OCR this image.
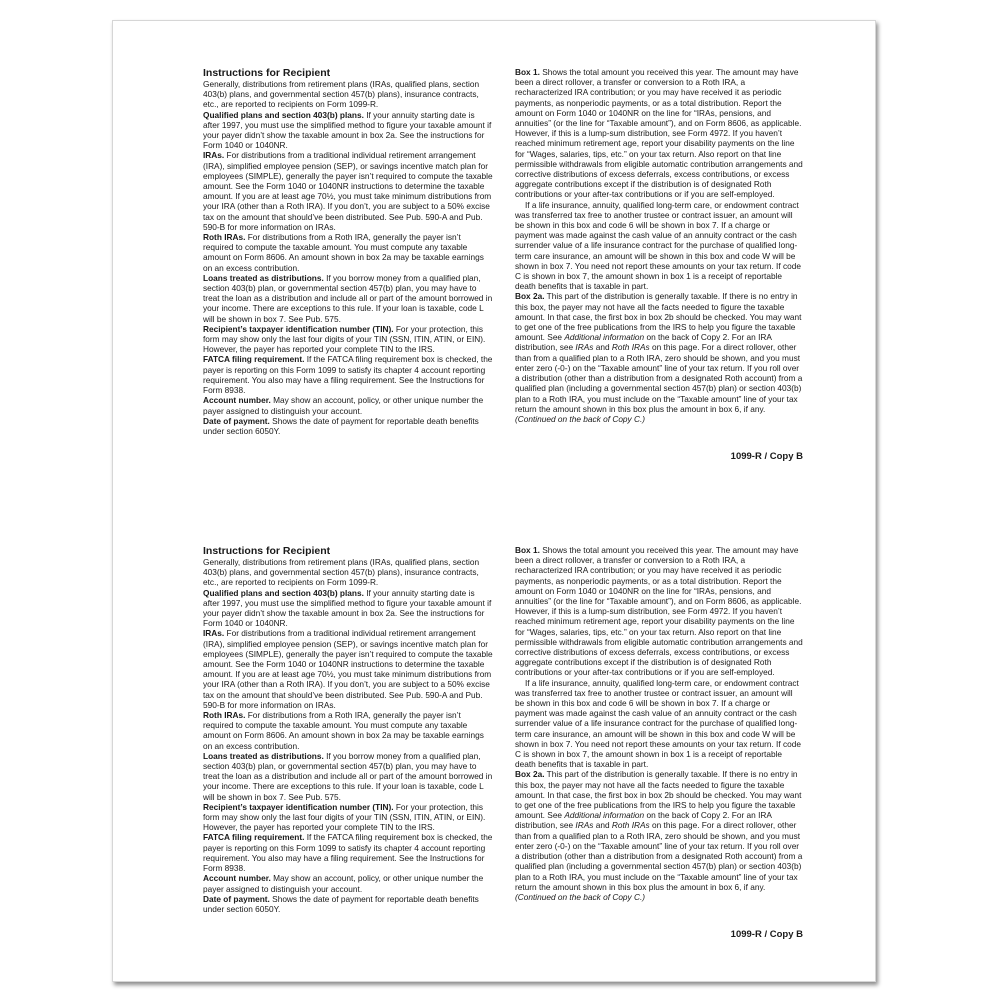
Instructions for Recipient

Generally, distributions from retirement plans (IRAs, qualified plans, section 403(b) plans, and governmental section 457(b) plans), insurance contracts, etc., are reported to recipients on Form 1099-R.

Qualified plans and section 403(b) plans. If your annuity starting date is after 1997, you must use the simplified method to figure your taxable amount if your payer didn’t show the taxable amount in box 2a. See the instructions for Form 1040 or 1040NR.

IRAs. For distributions from a traditional individual retirement arrangement (IRA), simplified employee pension (SEP), or savings incentive match plan for employees (SIMPLE), generally the payer isn’t required to compute the taxable amount. See the Form 1040 or 1040NR instructions to determine the taxable amount. If you are at least age 70½, you must take minimum distributions from your IRA (other than a Roth IRA). If you don’t, you are subject to a 50% excise tax on the amount that should’ve been distributed. See Pub. 590-A and Pub. 590-B for more information on IRAs.

Roth IRAs. For distributions from a Roth IRA, generally the payer isn’t required to compute the taxable amount. You must compute any taxable amount on Form 8606. An amount shown in box 2a may be taxable earnings on an excess contribution.

Loans treated as distributions. If you borrow money from a qualified plan, section 403(b) plan, or governmental section 457(b) plan, you may have to treat the loan as a distribution and include all or part of the amount borrowed in your income. There are exceptions to this rule. If your loan is taxable, code L will be shown in box 7. See Pub. 575.

Recipient’s taxpayer identification number (TIN). For your protection, this form may show only the last four digits of your TIN (SSN, ITIN, ATIN, or EIN). However, the payer has reported your complete TIN to the IRS.

FATCA filing requirement. If the FATCA filing requirement box is checked, the payer is reporting on this Form 1099 to satisfy its chapter 4 account reporting requirement. You also may have a filing requirement. See the Instructions for Form 8938.

Account number. May show an account, policy, or other unique number the payer assigned to distinguish your account.

Date of payment. Shows the date of payment for reportable death benefits under section 6050Y.

Box 1. Shows the total amount you received this year. The amount may have been a direct rollover, a transfer or conversion to a Roth IRA, a recharacterized IRA contribution; or you may have received it as periodic payments, as nonperiodic payments, or as a total distribution. Report the amount on Form 1040 or 1040NR on the line for “IRAs, pensions, and annuities” (or the line for “Taxable amount”), and on Form 8606, as applicable. However, if this is a lump-sum distribution, see Form 4972. If you haven’t reached minimum retirement age, report your disability payments on the line for “Wages, salaries, tips, etc.” on your tax return. Also report on that line permissible withdrawals from eligible automatic contribution arrangements and corrective distributions of excess deferrals, excess contributions, or excess aggregate contributions except if the distribution is of designated Roth contributions or your after-tax contributions or if you are self-employed.

If a life insurance, annuity, qualified long-term care, or endowment contract was transferred tax free to another trustee or contract issuer, an amount will be shown in this box and code 6 will be shown in box 7. If a charge or payment was made against the cash value of an annuity contract or the cash surrender value of a life insurance contract for the purchase of qualified long-term care insurance, an amount will be shown in this box and code W will be shown in box 7. You need not report these amounts on your tax return. If code C is shown in box 7, the amount shown in box 1 is a receipt of reportable death benefits that is taxable in part.

Box 2a. This part of the distribution is generally taxable. If there is no entry in this box, the payer may not have all the facts needed to figure the taxable amount. In that case, the first box in box 2b should be checked. You may want to get one of the free publications from the IRS to help you figure the taxable amount. See Additional information on the back of Copy 2. For an IRA distribution, see IRAs and Roth IRAs on this page. For a direct rollover, other than from a qualified plan to a Roth IRA, zero should be shown, and you must enter zero (-0-) on the “Taxable amount” line of your tax return. If you roll over a distribution (other than a distribution from a designated Roth account) from a qualified plan (including a governmental section 457(b) plan) or section 403(b) plan to a Roth IRA, you must include on the “Taxable amount” line of your tax return the amount shown in this box plus the amount in box 6, if any. (Continued on the back of Copy C.)

1099-R / Copy B

Instructions for Recipient

Generally, distributions from retirement plans (IRAs, qualified plans, section 403(b) plans, and governmental section 457(b) plans), insurance contracts, etc., are reported to recipients on Form 1099-R.

Qualified plans and section 403(b) plans. If your annuity starting date is after 1997, you must use the simplified method to figure your taxable amount if your payer didn’t show the taxable amount in box 2a. See the instructions for Form 1040 or 1040NR.

IRAs. For distributions from a traditional individual retirement arrangement (IRA), simplified employee pension (SEP), or savings incentive match plan for employees (SIMPLE), generally the payer isn’t required to compute the taxable amount. See the Form 1040 or 1040NR instructions to determine the taxable amount. If you are at least age 70½, you must take minimum distributions from your IRA (other than a Roth IRA). If you don’t, you are subject to a 50% excise tax on the amount that should’ve been distributed. See Pub. 590-A and Pub. 590-B for more information on IRAs.

Roth IRAs. For distributions from a Roth IRA, generally the payer isn’t required to compute the taxable amount. You must compute any taxable amount on Form 8606. An amount shown in box 2a may be taxable earnings on an excess contribution.

Loans treated as distributions. If you borrow money from a qualified plan, section 403(b) plan, or governmental section 457(b) plan, you may have to treat the loan as a distribution and include all or part of the amount borrowed in your income. There are exceptions to this rule. If your loan is taxable, code L will be shown in box 7. See Pub. 575.

Recipient’s taxpayer identification number (TIN). For your protection, this form may show only the last four digits of your TIN (SSN, ITIN, ATIN, or EIN). However, the payer has reported your complete TIN to the IRS.

FATCA filing requirement. If the FATCA filing requirement box is checked, the payer is reporting on this Form 1099 to satisfy its chapter 4 account reporting requirement. You also may have a filing requirement. See the Instructions for Form 8938.

Account number. May show an account, policy, or other unique number the payer assigned to distinguish your account.

Date of payment. Shows the date of payment for reportable death benefits under section 6050Y.

Box 1. Shows the total amount you received this year. The amount may have been a direct rollover, a transfer or conversion to a Roth IRA, a recharacterized IRA contribution; or you may have received it as periodic payments, as nonperiodic payments, or as a total distribution. Report the amount on Form 1040 or 1040NR on the line for “IRAs, pensions, and annuities” (or the line for “Taxable amount”), and on Form 8606, as applicable. However, if this is a lump-sum distribution, see Form 4972. If you haven’t reached minimum retirement age, report your disability payments on the line for “Wages, salaries, tips, etc.” on your tax return. Also report on that line permissible withdrawals from eligible automatic contribution arrangements and corrective distributions of excess deferrals, excess contributions, or excess aggregate contributions except if the distribution is of designated Roth contributions or your after-tax contributions or if you are self-employed.

If a life insurance, annuity, qualified long-term care, or endowment contract was transferred tax free to another trustee or contract issuer, an amount will be shown in this box and code 6 will be shown in box 7. If a charge or payment was made against the cash value of an annuity contract or the cash surrender value of a life insurance contract for the purchase of qualified long-term care insurance, an amount will be shown in this box and code W will be shown in box 7. You need not report these amounts on your tax return. If code C is shown in box 7, the amount shown in box 1 is a receipt of reportable death benefits that is taxable in part.

Box 2a. This part of the distribution is generally taxable. If there is no entry in this box, the payer may not have all the facts needed to figure the taxable amount. In that case, the first box in box 2b should be checked. You may want to get one of the free publications from the IRS to help you figure the taxable amount. See Additional information on the back of Copy 2. For an IRA distribution, see IRAs and Roth IRAs on this page. For a direct rollover, other than from a qualified plan to a Roth IRA, zero should be shown, and you must enter zero (-0-) on the “Taxable amount” line of your tax return. If you roll over a distribution (other than a distribution from a designated Roth account) from a qualified plan (including a governmental section 457(b) plan) or section 403(b) plan to a Roth IRA, you must include on the “Taxable amount” line of your tax return the amount shown in this box plus the amount in box 6, if any. (Continued on the back of Copy C.)

1099-R / Copy B
